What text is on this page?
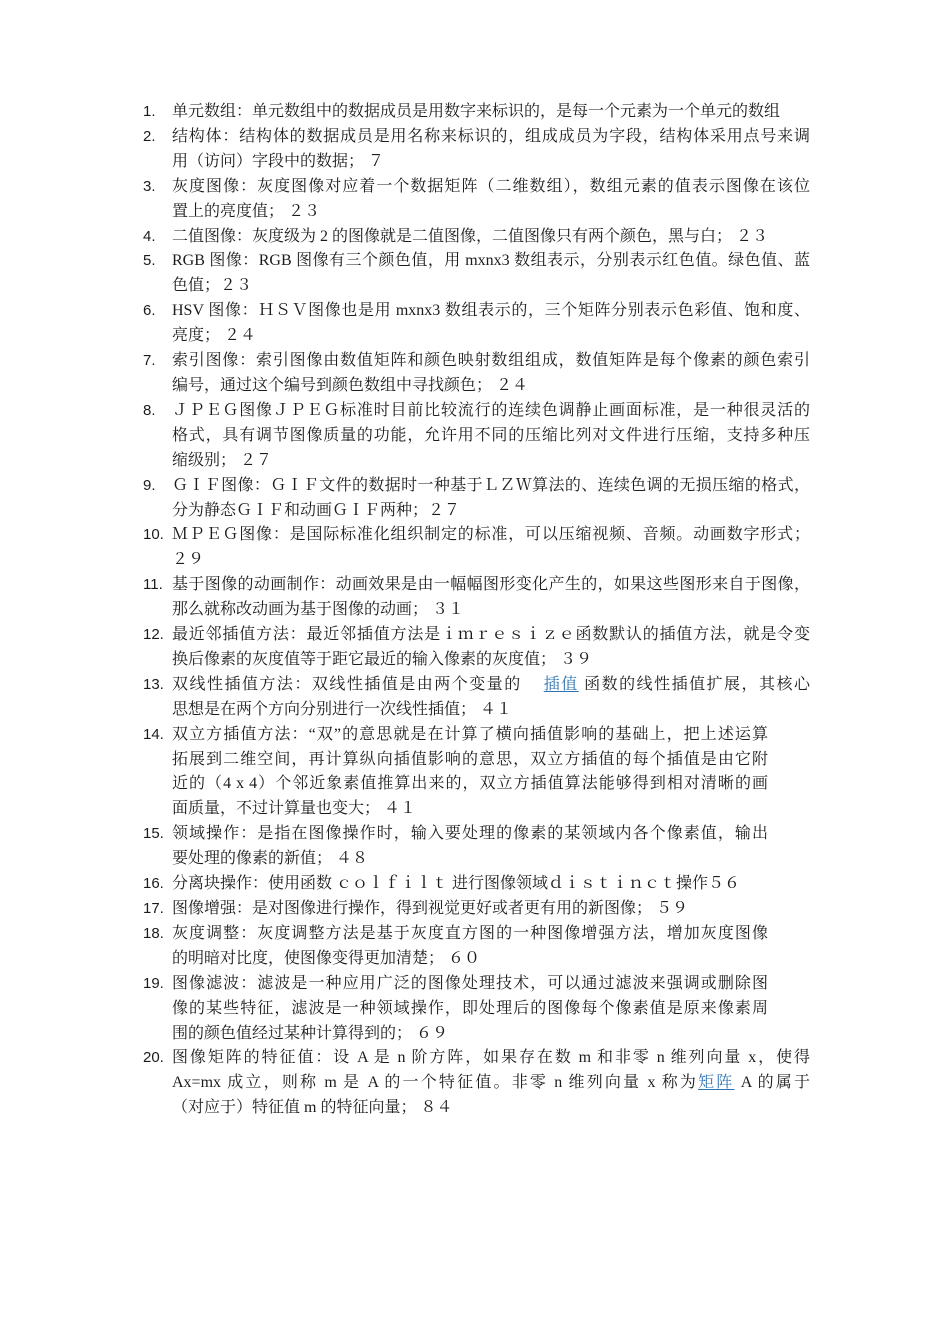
1.	单元数组：单元数组中的数据成员是用数字来标识的，是每一个元素为一个单元的数组
2.	结构体：结构体的数据成员是用名称来标识的，组成成员为字段，结构体采用点号来调
用（访问）字段中的数据； ７
3.	灰度图像：灰度图像对应着一个数据矩阵（二维数组），数组元素的值表示图像在该位
置上的亮度值； ２３
4.	二值图像：灰度级为 2 的图像就是二值图像，二值图像只有两个颜色，黑与白； ２３
5.	RGB 图像：RGB 图像有三个颜色值，用 mxnx3 数组表示，分别表示红色值。绿色值、蓝
色值；２３
6.	HSV 图像：ＨＳＶ图像也是用 mxnx3 数组表示的，三个矩阵分别表示色彩值、饱和度、
亮度； ２４
7.	索引图像：索引图像由数值矩阵和颜色映射数组组成，数值矩阵是每个像素的颜色索引
编号，通过这个编号到颜色数组中寻找颜色； ２４
8.	ＪＰＥＧ图像ＪＰＥＧ标准时目前比较流行的连续色调静止画面标准，是一种很灵活的
格式，具有调节图像质量的功能，允许用不同的压缩比列对文件进行压缩，支持多种压
缩级别； ２７
9.	ＧＩＦ图像：ＧＩＦ文件的数据时一种基于ＬＺＷ算法的、连续色调的无损压缩的格式，
分为静态ＧＩＦ和动画ＧＩＦ两种；２７
10. ＭＰＥＧ图像：是国际标准化组织制定的标准，可以压缩视频、音频。动画数字形式；
２９
11. 基于图像的动画制作：动画效果是由一幅幅图形变化产生的，如果这些图形来自于图像，
那么就称改动画为基于图像的动画； ３１
12. 最近邻插值方法：最近邻插值方法是ｉｍｒｅｓｉｚｅ函数默认的插值方法，就是令变
换后像素的灰度值等于距它最近的输入像素的灰度值； ３９
13. 双线性插值方法：双线性插值是由两个变量的 插值 函数的线性插值扩展，其核心
思想是在两个方向分别进行一次线性插值； ４１
14. 双立方插值方法：“双”的意思就是在计算了横向插值影响的基础上，把上述运算
拓展到二维空间，再计算纵向插值影响的意思，双立方插值的每个插值是由它附
近的（4 x 4）个邻近象素值推算出来的，双立方插值算法能够得到相对清晰的画
面质量，不过计算量也变大； ４１
15. 领域操作：是指在图像操作时，输入要处理的像素的某领域内各个像素值，输出
要处理的像素的新值； ４８
16. 分离块操作：使用函数 ｃｏｌｆｉｌｔ 进行图像领域ｄｉｓｔｉｎｃｔ操作５６
17. 图像增强：是对图像进行操作，得到视觉更好或者更有用的新图像； ５９
18. 灰度调整：灰度调整方法是基于灰度直方图的一种图像增强方法，增加灰度图像
的明暗对比度，使图像变得更加清楚； ６０
19. 图像滤波：滤波是一种应用广泛的图像处理技术，可以通过滤波来强调或删除图
像的某些特征，滤波是一种领域操作，即处理后的图像每个像素值是原来像素周
围的颜色值经过某种计算得到的； ６９
20. 图像矩阵的特征值：设 A 是 n 阶方阵，如果存在数 m 和非零 n 维列向量 x，使得
Ax=mx 成立，则称 m 是 A 的一个特征值。非零 n 维列向量 x 称为矩阵 A 的属于
（对应于）特征值 m 的特征向量； ８４
